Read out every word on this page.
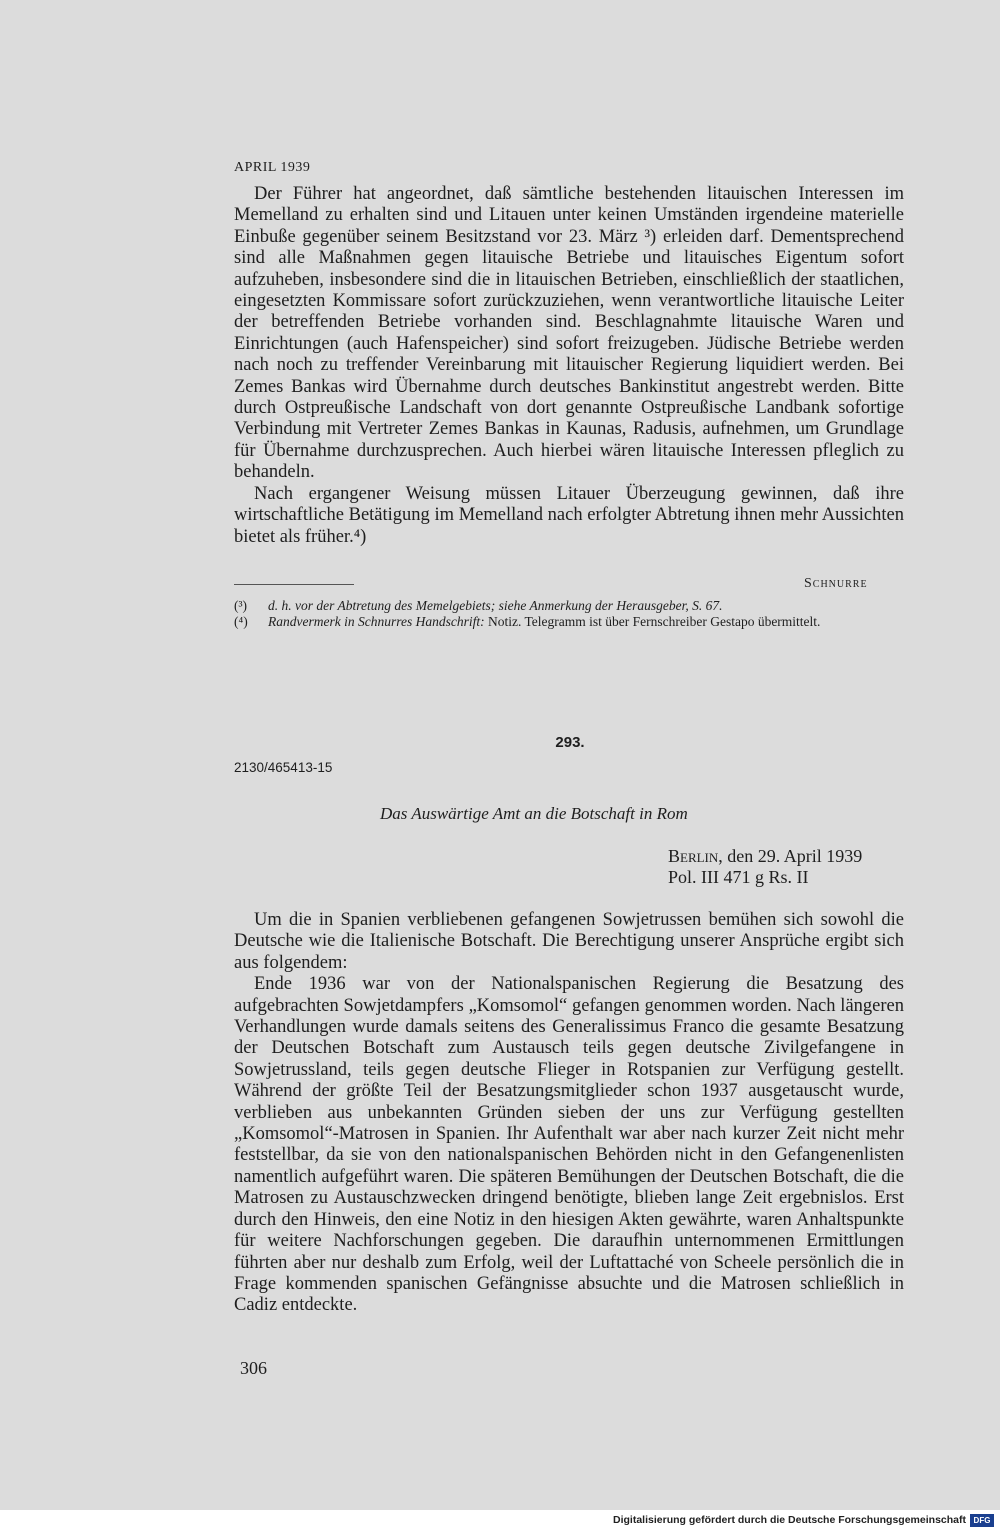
APRIL 1939

Der Führer hat angeordnet, daß sämtliche bestehenden litauischen Interessen im Memelland zu erhalten sind und Litauen unter keinen Umständen irgendeine materielle Einbuße gegenüber seinem Besitzstand vor 23. März ³) erleiden darf. Dementsprechend sind alle Maßnahmen gegen litauische Betriebe und litauisches Eigentum sofort aufzuheben, insbesondere sind die in litauischen Betrieben, einschließlich der staatlichen, eingesetzten Kommissare sofort zurückzuziehen, wenn verantwortliche litauische Leiter der betreffenden Betriebe vorhanden sind. Beschlagnahmte litauische Waren und Einrichtungen (auch Hafenspeicher) sind sofort freizugeben. Jüdische Betriebe werden nach noch zu treffender Vereinbarung mit litauischer Regierung liquidiert werden. Bei Zemes Bankas wird Übernahme durch deutsches Bankinstitut angestrebt werden. Bitte durch Ostpreußische Landschaft von dort genannte Ostpreußische Landbank sofortige Verbindung mit Vertreter Zemes Bankas in Kaunas, Radusis, aufnehmen, um Grundlage für Übernahme durchzusprechen. Auch hierbei wären litauische Interessen pfleglich zu behandeln.

Nach ergangener Weisung müssen Litauer Überzeugung gewinnen, daß ihre wirtschaftliche Betätigung im Memelland nach erfolgter Abtretung ihnen mehr Aussichten bietet als früher.⁴)

Schnurre
(³)	d. h. vor der Abtretung des Memelgebiets; siehe Anmerkung der Herausgeber, S. 67.
(⁴)	Randvermerk in Schnurres Handschrift: Notiz. Telegramm ist über Fernschreiber Gestapo übermittelt.
293.
2130/465413-15
Das Auswärtige Amt an die Botschaft in Rom
Berlin, den 29. April 1939
Pol. III 471 g Rs. II

Um die in Spanien verbliebenen gefangenen Sowjetrussen bemühen sich sowohl die Deutsche wie die Italienische Botschaft. Die Berechtigung unserer Ansprüche ergibt sich aus folgendem:

Ende 1936 war von der Nationalspanischen Regierung die Besatzung des aufgebrachten Sowjetdampfers „Komsomol“ gefangen genommen worden. Nach längeren Verhandlungen wurde damals seitens des Generalissimus Franco die gesamte Besatzung der Deutschen Botschaft zum Austausch teils gegen deutsche Zivilgefangene in Sowjetrussland, teils gegen deutsche Flieger in Rotspanien zur Verfügung gestellt. Während der größte Teil der Besatzungsmitglieder schon 1937 ausgetauscht wurde, verblieben aus unbekannten Gründen sieben der uns zur Verfügung gestellten „Komsomol“-Matrosen in Spanien. Ihr Aufenthalt war aber nach kurzer Zeit nicht mehr feststellbar, da sie von den nationalspanischen Behörden nicht in den Gefangenenlisten namentlich aufgeführt waren. Die späteren Bemühungen der Deutschen Botschaft, die die Matrosen zu Austauschzwecken dringend benötigte, blieben lange Zeit ergebnislos. Erst durch den Hinweis, den eine Notiz in den hiesigen Akten gewährte, waren Anhaltspunkte für weitere Nachforschungen gegeben. Die daraufhin unternommenen Ermittlungen führten aber nur deshalb zum Erfolg, weil der Luftattaché von Scheele persönlich die in Frage kommenden spanischen Gefängnisse absuchte und die Matrosen schließlich in Cadiz entdeckte.

306
Digitalisierung gefördert durch die Deutsche Forschungsgemeinschaft DFG
